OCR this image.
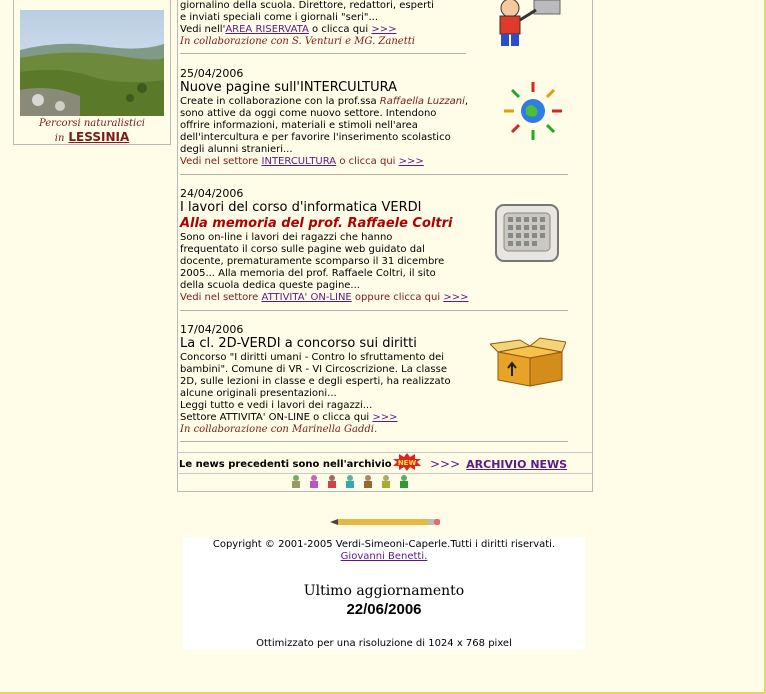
Percorsi naturalistici
in LESSINIA
giornalino della scuola. Direttore, redattori, esperti
e inviati speciali come i giornali "seri"...
Vedi nell'AREA RISERVATA o clicca qui >>>
In collaborazione con S. Venturi e MG. Zanetti
25/04/2006
Nuove pagine sull'INTERCULTURA
Create in collaborazione con la prof.ssa Raffaella Luzzani,
sono attive da oggi come nuovo settore. Intendono
offrire informazioni, materiali e stimoli nell'area
dell'intercultura e per favorire l'inserimento scolastico
degli alunni stranieri...
Vedi nel settore INTERCULTURA o clicca qui >>>
24/04/2006
I lavori del corso d'informatica VERDI
Alla memoria del prof. Raffaele Coltri
Sono on-line i lavori dei ragazzi che hanno
frequentato il corso sulle pagine web guidato dal
docente, prematuramente scomparso il 31 dicembre
2005... Alla memoria del prof. Raffaele Coltri, il sito
della scuola dedica queste pagine...
Vedi nel settore ATTIVITA' ON-LINE oppure clicca qui >>>
17/04/2006
La cl. 2D-VERDI a concorso sui diritti
Concorso "I diritti umani - Contro lo sfruttamento dei
bambini". Comune di VR - VI Circoscrizione. La classe
2D, sulle lezioni in classe e degli esperti, ha realizzato
alcune originali presentazioni...
Leggi tutto e vedi i lavori dei ragazzi...
Settore ATTIVITA' ON-LINE o clicca qui >>>
In collaborazione con Marinella Gaddi.
Le news precedenti sono nell'archivio NEW >>> ARCHIVIO NEWS
Copyright © 2001-2005 Verdi-Simeoni-Caperle.Tutti i diritti riservati.
Giovanni Benetti.
Ultimo aggiornamento
22/06/2006
Ottimizzato per una risoluzione di 1024 x 768 pixel
